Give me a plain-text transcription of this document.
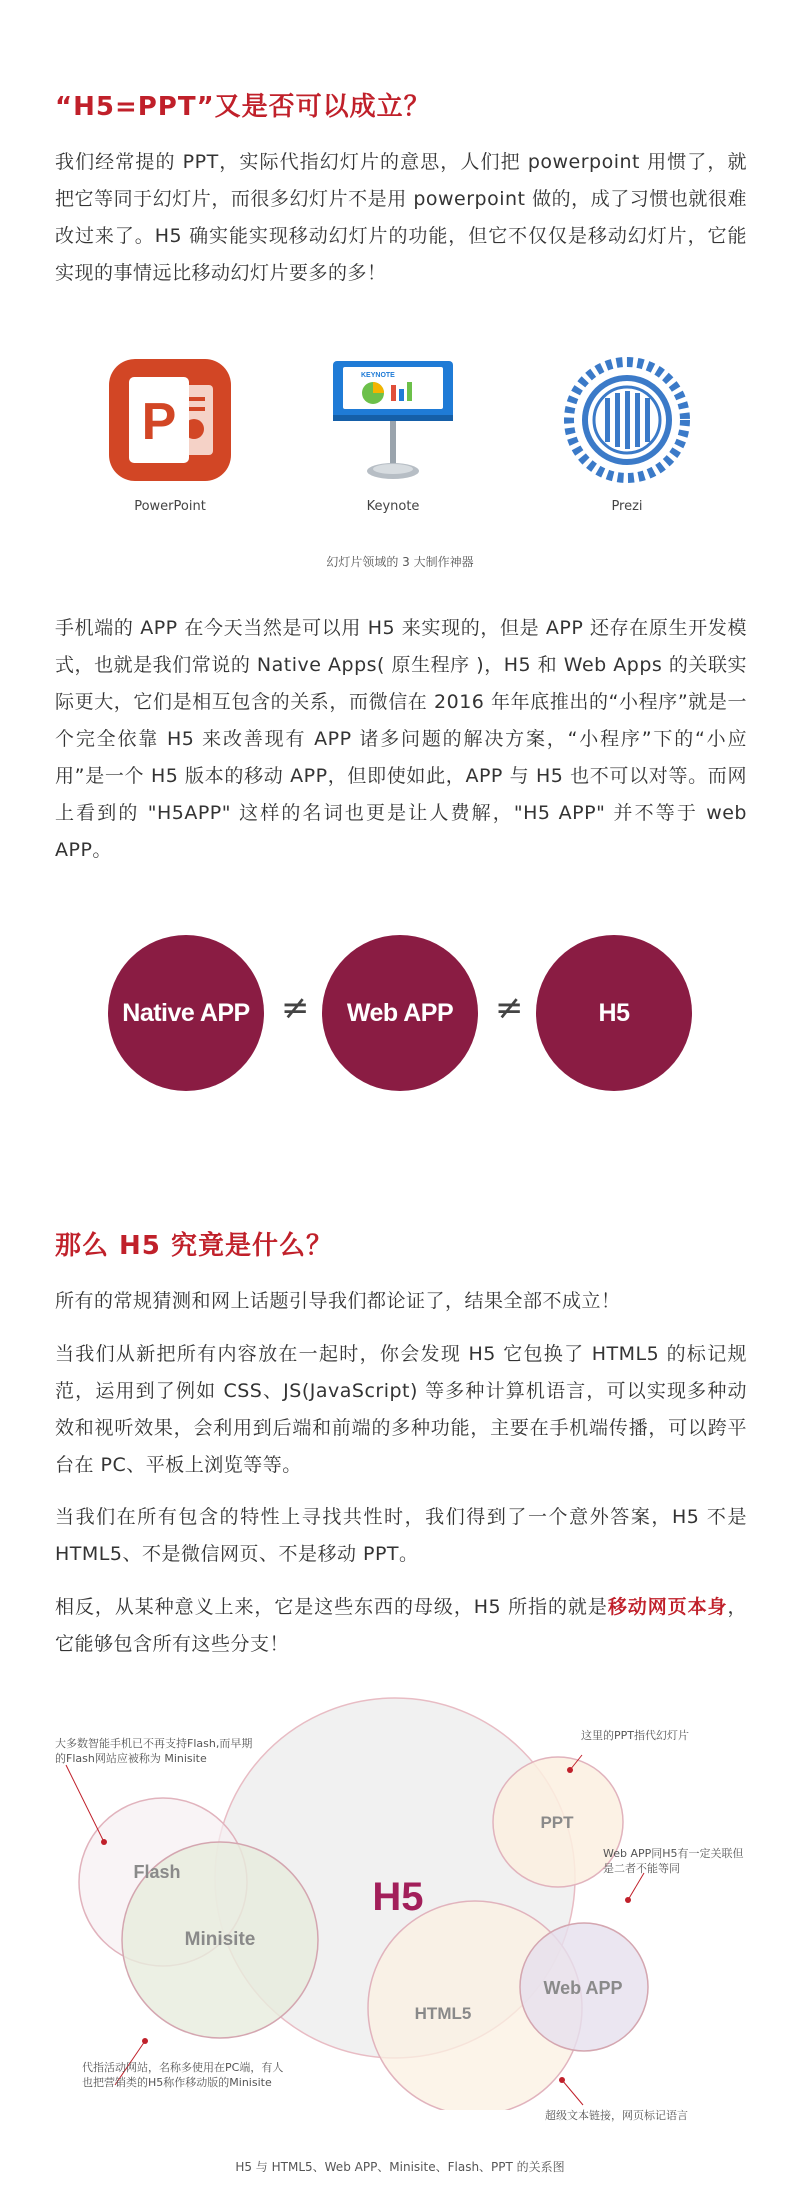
“H5=PPT”又是否可以成立？

我们经常提的 PPT，实际代指幻灯片的意思，人们把 powerpoint 用惯了，就把它等同于幻灯片，而很多幻灯片不是用 powerpoint 做的，成了习惯也就很难改过来了。H5 确实能实现移动幻灯片的功能，但它不仅仅是移动幻灯片，它能实现的事情远比移动幻灯片要多的多！

P
PowerPoint
KEYNOTE
Keynote	Prezi
幻灯片领域的 3 大制作神器

手机端的 APP 在今天当然是可以用 H5 来实现的，但是 APP 还存在原生开发模式，也就是我们常说的 Native Apps( 原生程序 )，H5 和 Web Apps 的关联实际更大，它们是相互包含的关系，而微信在 2016 年年底推出的“小程序”就是一个完全依靠 H5 来改善现有 APP 诸多问题的解决方案，“小程序”下的“小应用”是一个 H5 版本的移动 APP，但即使如此，APP 与 H5 也不可以对等。而网上看到的 "H5APP" 这样的名词也更是让人费解，"H5 APP" 并不等于 web APP。

Native APP ≠	Web APP	≠	H5
那么 H5 究竟是什么？

所有的常规猜测和网上话题引导我们都论证了，结果全部不成立！

当我们从新把所有内容放在一起时，你会发现 H5 它包换了 HTML5 的标记规范，运用到了例如 CSS、JS(JavaScript) 等多种计算机语言，可以实现多种动效和视听效果，会利用到后端和前端的多种功能，主要在手机端传播，可以跨平台在 PC、平板上浏览等等。

当我们在所有包含的特性上寻找共性时，我们得到了一个意外答案，H5 不是 HTML5、不是微信网页、不是移动 PPT。

相反，从某种意义上来，它是这些东西的母级，H5 所指的就是移动网页本身，它能够包含所有这些分支！

H5
Flash
Minisite
PPT
HTML5
Web APP
大多数智能手机已不再支持Flash,而早期的Flash网站应被称为 Minisite
这里的PPT指代幻灯片
Web APP同H5有一定关联但是二者不能等同
代指活动网站，名称多使用在PC端，有人也把营销类的H5称作移动版的Minisite
超级文本链接，网页标记语言
H5 与 HTML5、Web APP、Minisite、Flash、PPT 的关系图
